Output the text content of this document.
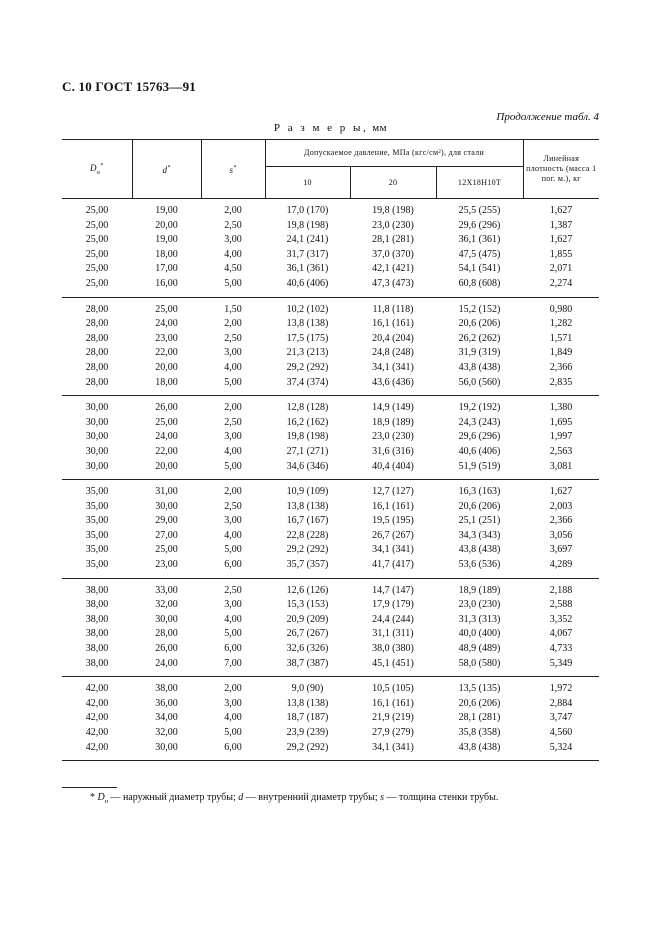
С. 10 ГОСТ 15763—91
Продолжение табл. 4
Р а з м е р ы, мм
$D_н^*$	d*	s*	Допускаемое давление, МПа (кгс/см²), для стали			Линейная плотность (масса 1 пог. м.), кг
			10	20	12Х18Н10Т	
25,00	19,00	2,00	17,0 (170)	19,8 (198)	25,5 (255)	1,627
25,00	20,00	2,50	19,8 (198)	23,0 (230)	29,6 (296)	1,387
25,00	19,00	3,00	24,1 (241)	28,1 (281)	36,1 (361)	1,627
25,00	18,00	4,00	31,7 (317)	37,0 (370)	47,5 (475)	1,855
25,00	17,00	4,50	36,1 (361)	42,1 (421)	54,1 (541)	2,071
25,00	16,00	5,00	40,6 (406)	47,3 (473)	60,8 (608)	2,274
28,00	25,00	1,50	10,2 (102)	11,8 (118)	15,2 (152)	0,980
28,00	24,00	2,00	13,8 (138)	16,1 (161)	20,6 (206)	1,282
28,00	23,00	2,50	17,5 (175)	20,4 (204)	26,2 (262)	1,571
28,00	22,00	3,00	21,3 (213)	24,8 (248)	31,9 (319)	1,849
28,00	20,00	4,00	29,2 (292)	34,1 (341)	43,8 (438)	2,366
28,00	18,00	5,00	37,4 (374)	43,6 (436)	56,0 (560)	2,835
30,00	26,00	2,00	12,8 (128)	14,9 (149)	19,2 (192)	1,380
30,00	25,00	2,50	16,2 (162)	18,9 (189)	24,3 (243)	1,695
30,00	24,00	3,00	19,8 (198)	23,0 (230)	29,6 (296)	1,997
30,00	22,00	4,00	27,1 (271)	31,6 (316)	40,6 (406)	2,563
30,00	20,00	5,00	34,6 (346)	40,4 (404)	51,9 (519)	3,081
35,00	31,00	2,00	10,9 (109)	12,7 (127)	16,3 (163)	1,627
35,00	30,00	2,50	13,8 (138)	16,1 (161)	20,6 (206)	2,003
35,00	29,00	3,00	16,7 (167)	19,5 (195)	25,1 (251)	2,366
35,00	27,00	4,00	22,8 (228)	26,7 (267)	34,3 (343)	3,056
35,00	25,00	5,00	29,2 (292)	34,1 (341)	43,8 (438)	3,697
35,00	23,00	6,00	35,7 (357)	41,7 (417)	53,6 (536)	4,289
38,00	33,00	2,50	12,6 (126)	14,7 (147)	18,9 (189)	2,188
38,00	32,00	3,00	15,3 (153)	17,9 (179)	23,0 (230)	2,588
38,00	30,00	4,00	20,9 (209)	24,4 (244)	31,3 (313)	3,352
38,00	28,00	5,00	26,7 (267)	31,1 (311)	40,0 (400)	4,067
38,00	26,00	6,00	32,6 (326)	38,0 (380)	48,9 (489)	4,733
38,00	24,00	7,00	38,7 (387)	45,1 (451)	58,0 (580)	5,349
42,00	38,00	2,00	9,0 (90)	10,5 (105)	13,5 (135)	1,972
42,00	36,00	3,00	13,8 (138)	16,1 (161)	20,6 (206)	2,884
42,00	34,00	4,00	18,7 (187)	21,9 (219)	28,1 (281)	3,747
42,00	32,00	5,00	23,9 (239)	27,9 (279)	35,8 (358)	4,560
42,00	30,00	6,00	29,2 (292)	34,1 (341)	43,8 (438)	5,324
* $D_н$ — наружный диаметр трубы; d — внутренний диаметр трубы; s — толщина стенки трубы.
